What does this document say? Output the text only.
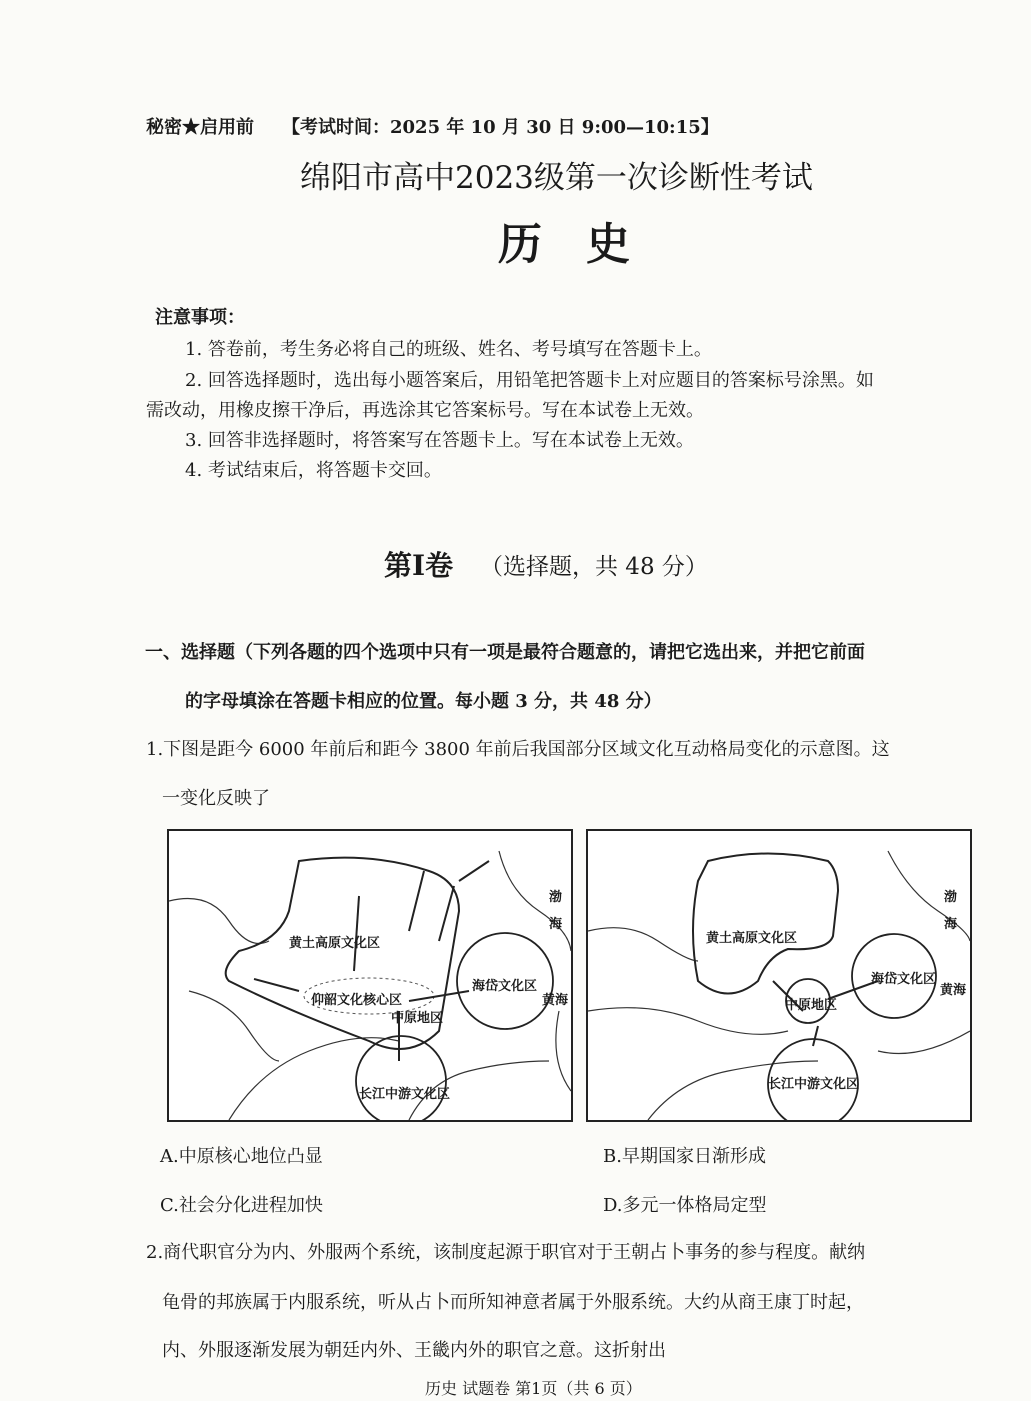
秘密★启用前 【考试时间：2025 年 10 月 30 日 9:00—10:15】
绵阳市高中2023级第一次诊断性考试
历　史
注意事项：
1. 答卷前，考生务必将自己的班级、姓名、考号填写在答题卡上。
2. 回答选择题时，选出每小题答案后，用铅笔把答题卡上对应题目的答案标号涂黑。如
需改动，用橡皮擦干净后，再选涂其它答案标号。写在本试卷上无效。
3. 回答非选择题时，将答案写在答题卡上。写在本试卷上无效。
4. 考试结束后，将答题卡交回。
第I卷 （选择题，共 48 分）
一、选择题（下列各题的四个选项中只有一项是最符合题意的，请把它选出来，并把它前面
的字母填涂在答题卡相应的位置。每小题 3 分，共 48 分）
1.下图是距今 6000 年前后和距今 3800 年前后我国部分区域文化互动格局变化的示意图。这
一变化反映了
黄土高原文化区
仰韶文化核心区
中原地区
海岱文化区
长江中游文化区
渤
海
黄海
黄土高原文化区
中原地区
海岱文化区
长江中游文化区
渤
海
黄海
A.中原核心地位凸显	B.早期国家日渐形成
C.社会分化进程加快	D.多元一体格局定型
2.商代职官分为内、外服两个系统，该制度起源于职官对于王朝占卜事务的参与程度。献纳
龟骨的邦族属于内服系统，听从占卜而所知神意者属于外服系统。大约从商王康丁时起，
内、外服逐渐发展为朝廷内外、王畿内外的职官之意。这折射出
历史 试题卷 第1页（共 6 页）
